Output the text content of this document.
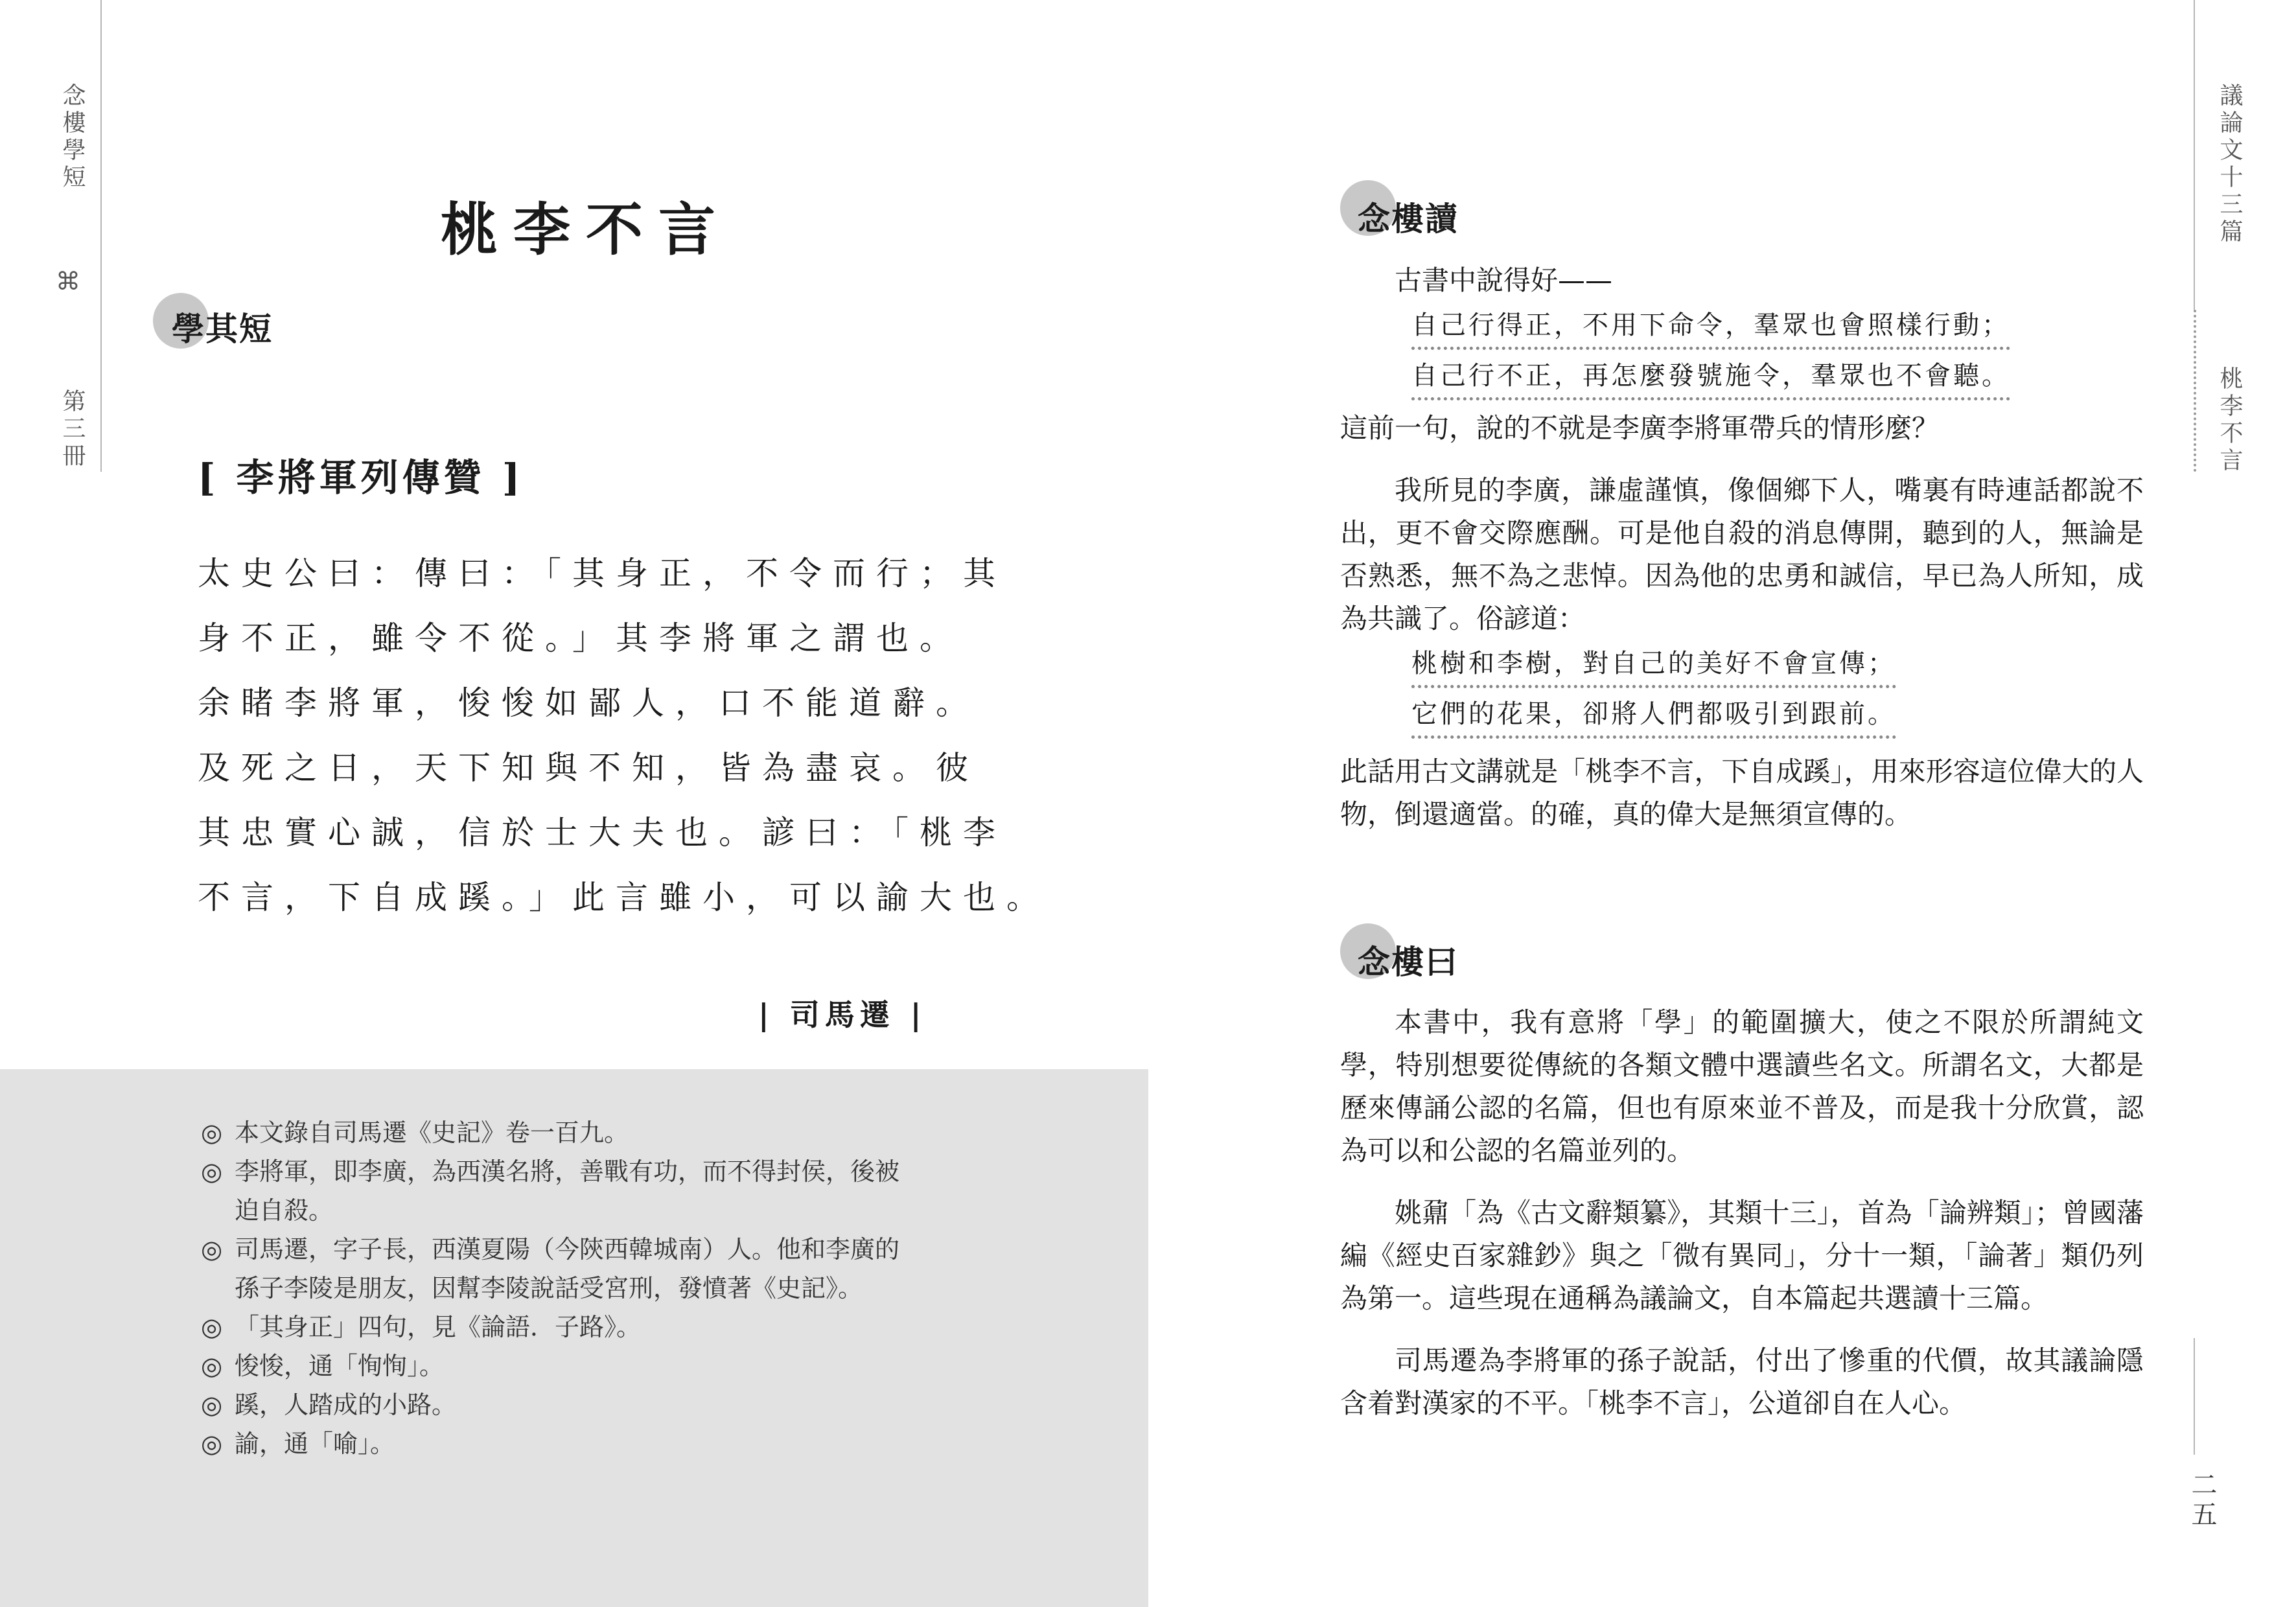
念樓學短
⌘
第三冊
桃李不言
學其短
[ 李將軍列傳贊 ]

太史公曰：傳曰：「其身正，不令而行；其

身不正，雖令不從。」其李將軍之謂也。

余睹李將軍，悛悛如鄙人，口不能道辭。

及死之日，天下知與不知，皆為盡哀。彼

其忠實心誠，信於士大夫也。諺曰：「桃李

不言，下自成蹊。」此言雖小，可以諭大也。

| 司馬遷 |
◎ 本文錄自司馬遷《史記》卷一百九。
◎ 李將軍，即李廣，為西漢名將，善戰有功，而不得封侯，後被迫自殺。
◎ 司馬遷，字子長，西漢夏陽（今陝西韓城南）人。他和李廣的孫子李陵是朋友，因幫李陵說話受宮刑，發憤著《史記》。
◎ 「其身正」四句，見《論語．子路》。
◎ 悛悛，通「恂恂」。
◎ 蹊，人踏成的小路。
◎ 諭，通「喻」。
議論文十三篇
桃李不言
二五
念樓讀

古書中說得好——

自己行得正，不用下命令，羣眾也會照樣行動；
自己行不正，再怎麼發號施令，羣眾也不會聽。

這前一句，說的不就是李廣李將軍帶兵的情形麼？

我所見的李廣，謙虛謹慎，像個鄉下人，嘴裏有時連話都說不出，更不會交際應酬。可是他自殺的消息傳開，聽到的人，無論是否熟悉，無不為之悲悼。因為他的忠勇和誠信，早已為人所知，成為共識了。俗諺道：

桃樹和李樹，對自己的美好不會宣傳；
它們的花果，卻將人們都吸引到跟前。

此話用古文講就是「桃李不言，下自成蹊」，用來形容這位偉大的人物，倒還適當。的確，真的偉大是無須宣傳的。

念樓曰

本書中，我有意將「學」的範圍擴大，使之不限於所謂純文學，特別想要從傳統的各類文體中選讀些名文。所謂名文，大都是歷來傳誦公認的名篇，但也有原來並不普及，而是我十分欣賞，認為可以和公認的名篇並列的。

姚鼐「為《古文辭類纂》，其類十三」，首為「論辨類」；曾國藩編《經史百家雜鈔》與之「微有異同」，分十一類，「論著」類仍列為第一。這些現在通稱為議論文，自本篇起共選讀十三篇。

司馬遷為李將軍的孫子說話，付出了慘重的代價，故其議論隱含着對漢家的不平。「桃李不言」，公道卻自在人心。
